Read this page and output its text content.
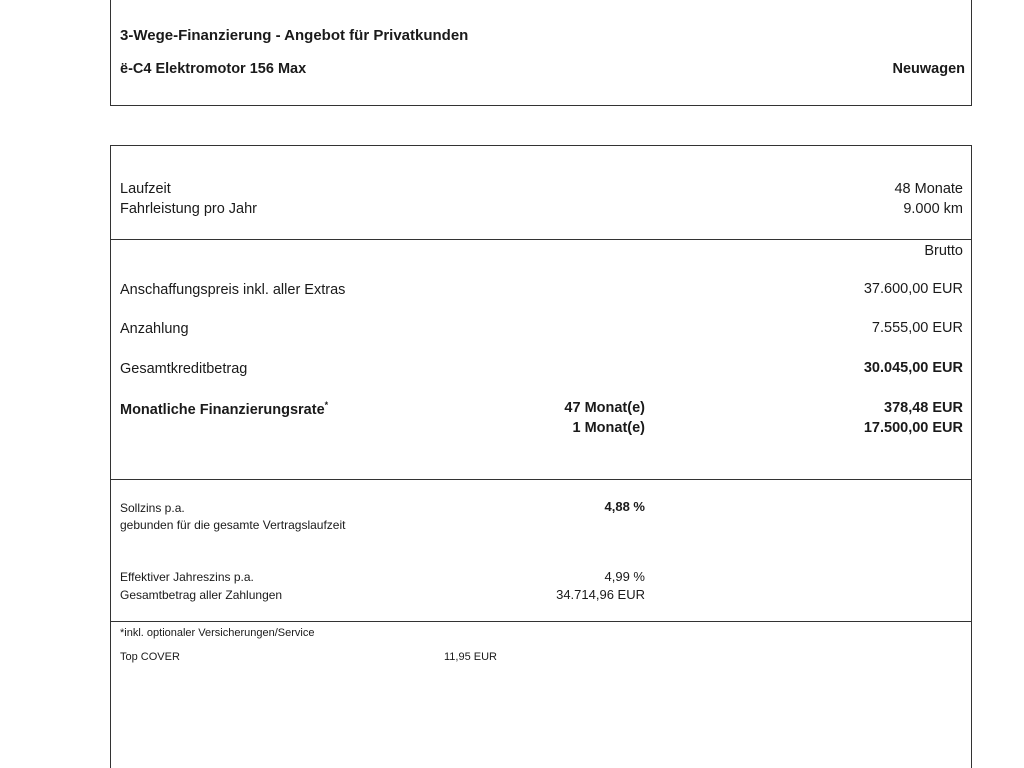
3-Wege-Finanzierung - Angebot für Privatkunden
ë-C4 Elektromotor 156 Max	Neuwagen
Laufzeit	48 Monate
Fahrleistung pro Jahr	9.000 km
Brutto
Anschaffungspreis inkl. aller Extras	37.600,00 EUR
Anzahlung	7.555,00 EUR
Gesamtkreditbetrag	30.045,00 EUR
Monatliche Finanzierungsrate*	47 Monat(e)	378,48 EUR
1 Monat(e)	17.500,00 EUR
Sollzins p.a.	4,88 %
gebunden für die gesamte Vertragslaufzeit
Effektiver Jahreszins p.a.	4,99 %
Gesamtbetrag aller Zahlungen	34.714,96 EUR
*inkl. optionaler Versicherungen/Service
Top COVER	11,95 EUR
